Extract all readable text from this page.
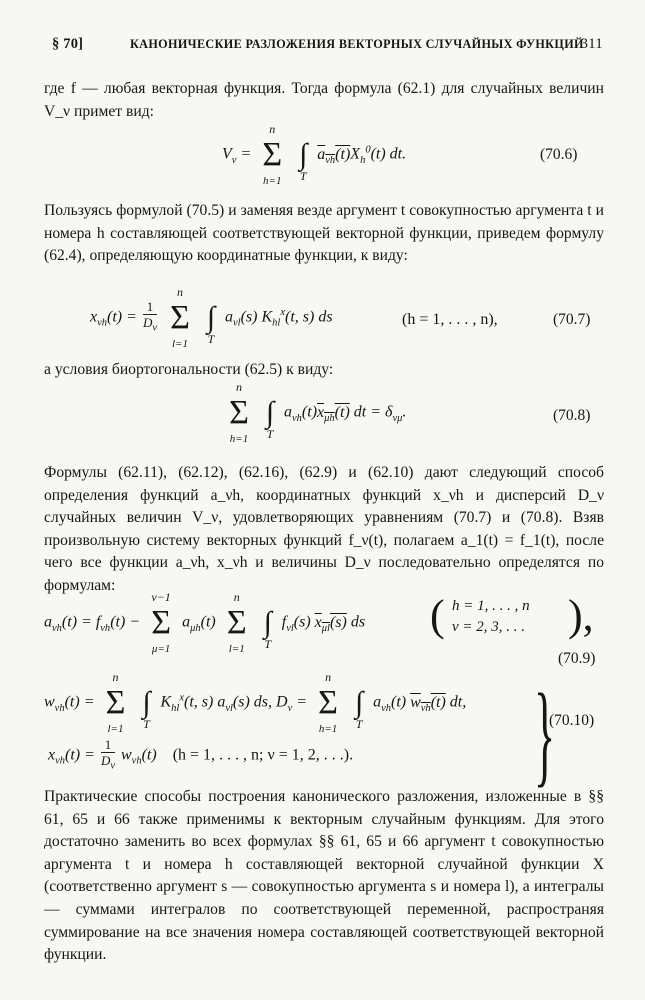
§ 70]	КАНОНИЧЕСКИЕ РАЗЛОЖЕНИЯ ВЕКТОРНЫХ СЛУЧАЙНЫХ ФУНКЦИЙ
311

где f — любая векторная функция. Тогда формула (62.1) для случайных величин V_ν примет вид:

$V_\nu$ =
n
Σ
h=1

∫
T
$a_{\nu h}(t)X_h^0(t)$ dt.	(70.6)

Пользуясь формулой (70.5) и заменяя везде аргумент t совокупностью аргумента t и номера h составляющей соответствующей векторной функции, приведем формулу (62.4), определяющую координатные функции, к виду:

$x_{\nu h}(t) = \frac{1}{D_\nu}$

n
Σ
l=1

∫
T
$a_{\nu l}(s)$ $K_{hl}^x(t$, s) ds	(h = 1, . . . , n),	(70.7)

а условия биортогональности (62.5) к виду:

n
Σ
h=1

∫
T
$a_{\nu h}(t)x_{\mu h}(t)$ dt = $\delta_{\nu\mu}$.	(70.8)

Формулы (62.11), (62.12), (62.16), (62.9) и (62.10) дают следующий способ определения функций a_νh, координатных функций x_νh и дисперсий D_ν случайных величин V_ν, удовлетворяющих уравнениям (70.7) и (70.8). Взяв произвольную систему векторных функций f_ν(t), полагаем a_1(t) = f_1(t), после чего все функции a_νh, x_νh и величины D_ν последовательно определятся по формулам:

$a_{\nu h}(t) = f_{\nu h}(t)$ −
ν−1
Σ
μ=1
$a_{\mu h}(t)$
n
Σ
l=1

∫
T
$f_{\nu l}(s)$ $x_{\mu l}(s)$ ds ( h = 1, . . . , n
ν = 2, 3, . . . ),
(70.9)
$w_{\nu h}(t)$ =
n
Σ
l=1

∫
T
$K_{hl}^x(t$, s) $a_{\nu l}(s)$ ds, $D_\nu$ =
n
Σ
h=1

∫
T
$a_{\nu h}(t)$ $w_{\nu h}(t)$ dt,
$x_{\nu h}(t) = \frac{1}{D_\nu} w_{\nu h}(t)$    (h = 1, . . . , n; ν = 1, 2, . . .).	}
(70.10)

Практические способы построения канонического разложения, изложенные в §§ 61, 65 и 66 также применимы к векторным случайным функциям. Для этого достаточно заменить во всех формулах §§ 61, 65 и 66 аргумент t совокупностью аргумента t и номера h составляющей векторной случайной функции X (соответственно аргумент s — совокупностью аргумента s и номера l), а интегралы — суммами интегралов по соответствующей переменной, распространяя суммирование на все значения номера составляющей соответствующей векторной функции.
